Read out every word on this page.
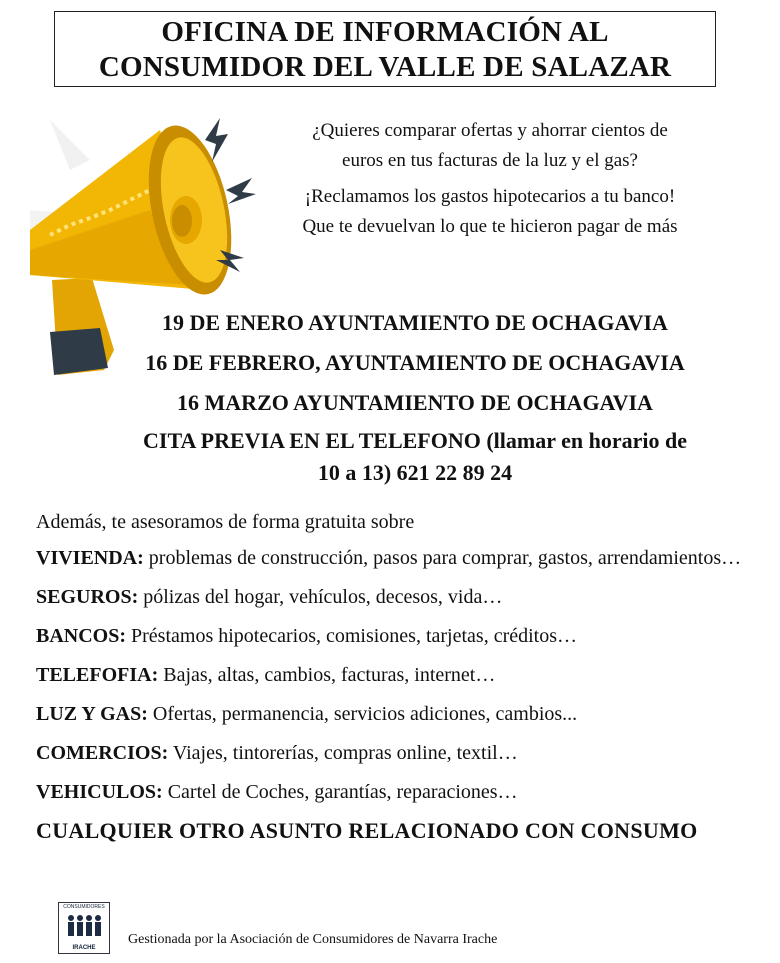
OFICINA DE INFORMACIÓN AL
CONSUMIDOR DEL VALLE DE SALAZAR

¿Quieres comparar ofertas y ahorrar cientos de euros en tus facturas de la luz y el gas?

¡Reclamamos los gastos hipotecarios a tu banco! Que te devuelvan lo que te hicieron pagar de más

19 DE ENERO AYUNTAMIENTO DE OCHAGAVIA
16 DE FEBRERO, AYUNTAMIENTO DE OCHAGAVIA
16 MARZO AYUNTAMIENTO DE OCHAGAVIA
CITA PREVIA EN EL TELEFONO (llamar en horario de
10 a 13) 621 22 89 24
Además, te asesoramos de forma gratuita sobre
VIVIENDA: problemas de construcción, pasos para comprar, gastos, arrendamientos…
SEGUROS: pólizas del hogar, vehículos, decesos, vida…
BANCOS: Préstamos hipotecarios, comisiones, tarjetas, créditos…
TELEFOFIA: Bajas, altas, cambios, facturas, internet…
LUZ Y GAS: Ofertas, permanencia, servicios adiciones, cambios...
COMERCIOS: Viajes, tintorerías, compras online, textil…
VEHICULOS: Cartel de Coches, garantías, reparaciones…
CUALQUIER OTRO ASUNTO RELACIONADO CON CONSUMO
CONSUMIDORES
IRACHE
Gestionada por la Asociación de Consumidores de Navarra Irache
